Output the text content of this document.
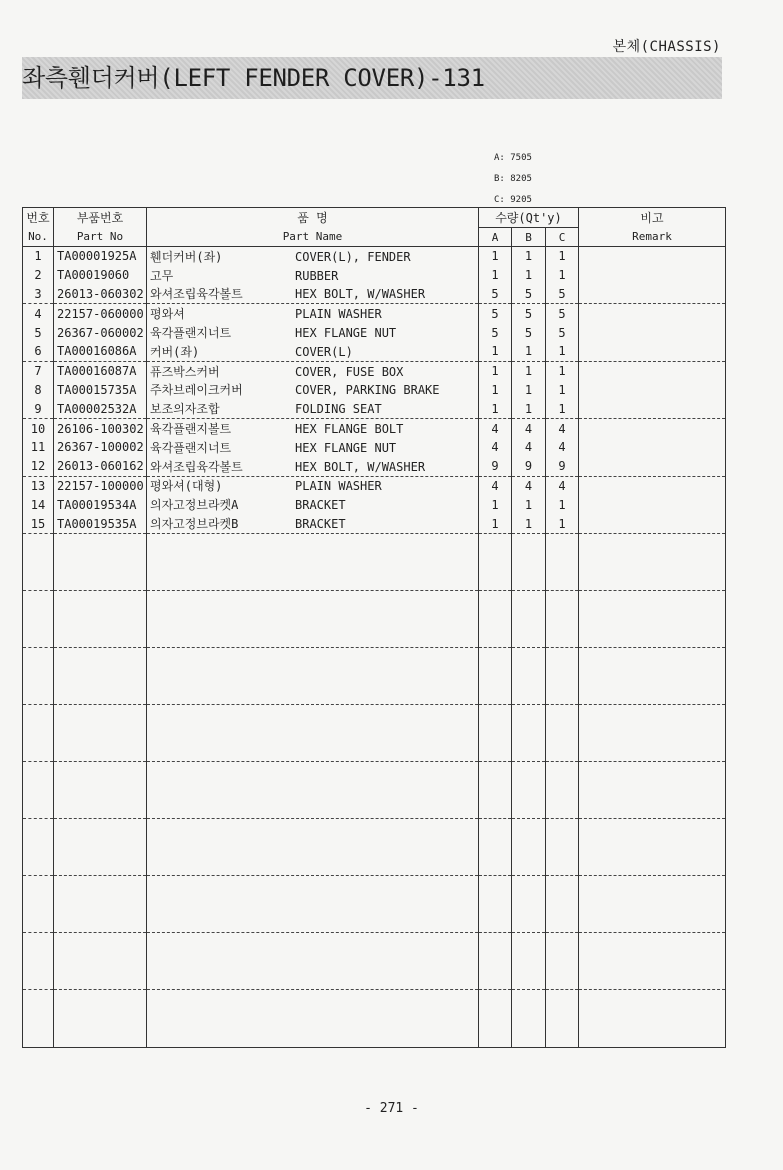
본체(CHASSIS)
좌측휀더커버(LEFT FENDER COVER)-131
A: 7505
B: 8205
C: 9205
번호	부품번호	품 명	수량(Qt'y)			비고
No.	Part No	Part Name	A	B	C	Remark
1	TA00001925A	휀더커버(좌) COVER(L), FENDER	1	1	1	
2	TA00019060	고무 RUBBER	1	1	1	
3	26013-060302	와셔조립육각볼트 HEX BOLT, W/WASHER	5	5	5	
4	22157-060000	평와셔 PLAIN WASHER	5	5	5	
5	26367-060002	육각플랜지너트 HEX FLANGE NUT	5	5	5	
6	TA00016086A	커버(좌) COVER(L)	1	1	1	
7	TA00016087A	퓨즈박스커버 COVER, FUSE BOX	1	1	1	
8	TA00015735A	주차브레이크커버 COVER, PARKING BRAKE	1	1	1	
9	TA00002532A	보조의자조합 FOLDING SEAT	1	1	1	
10	26106-100302	육각플랜지볼트 HEX FLANGE BOLT	4	4	4	
11	26367-100002	육각플랜지너트 HEX FLANGE NUT	4	4	4	
12	26013-060162	와셔조립육각볼트 HEX BOLT, W/WASHER	9	9	9	
13	22157-100000	평와셔(대형) PLAIN WASHER	4	4	4	
14	TA00019534A	의자고정브라켓A BRACKET	1	1	1	
15	TA00019535A	의자고정브라켓B BRACKET	1	1	1	

- 271 -
